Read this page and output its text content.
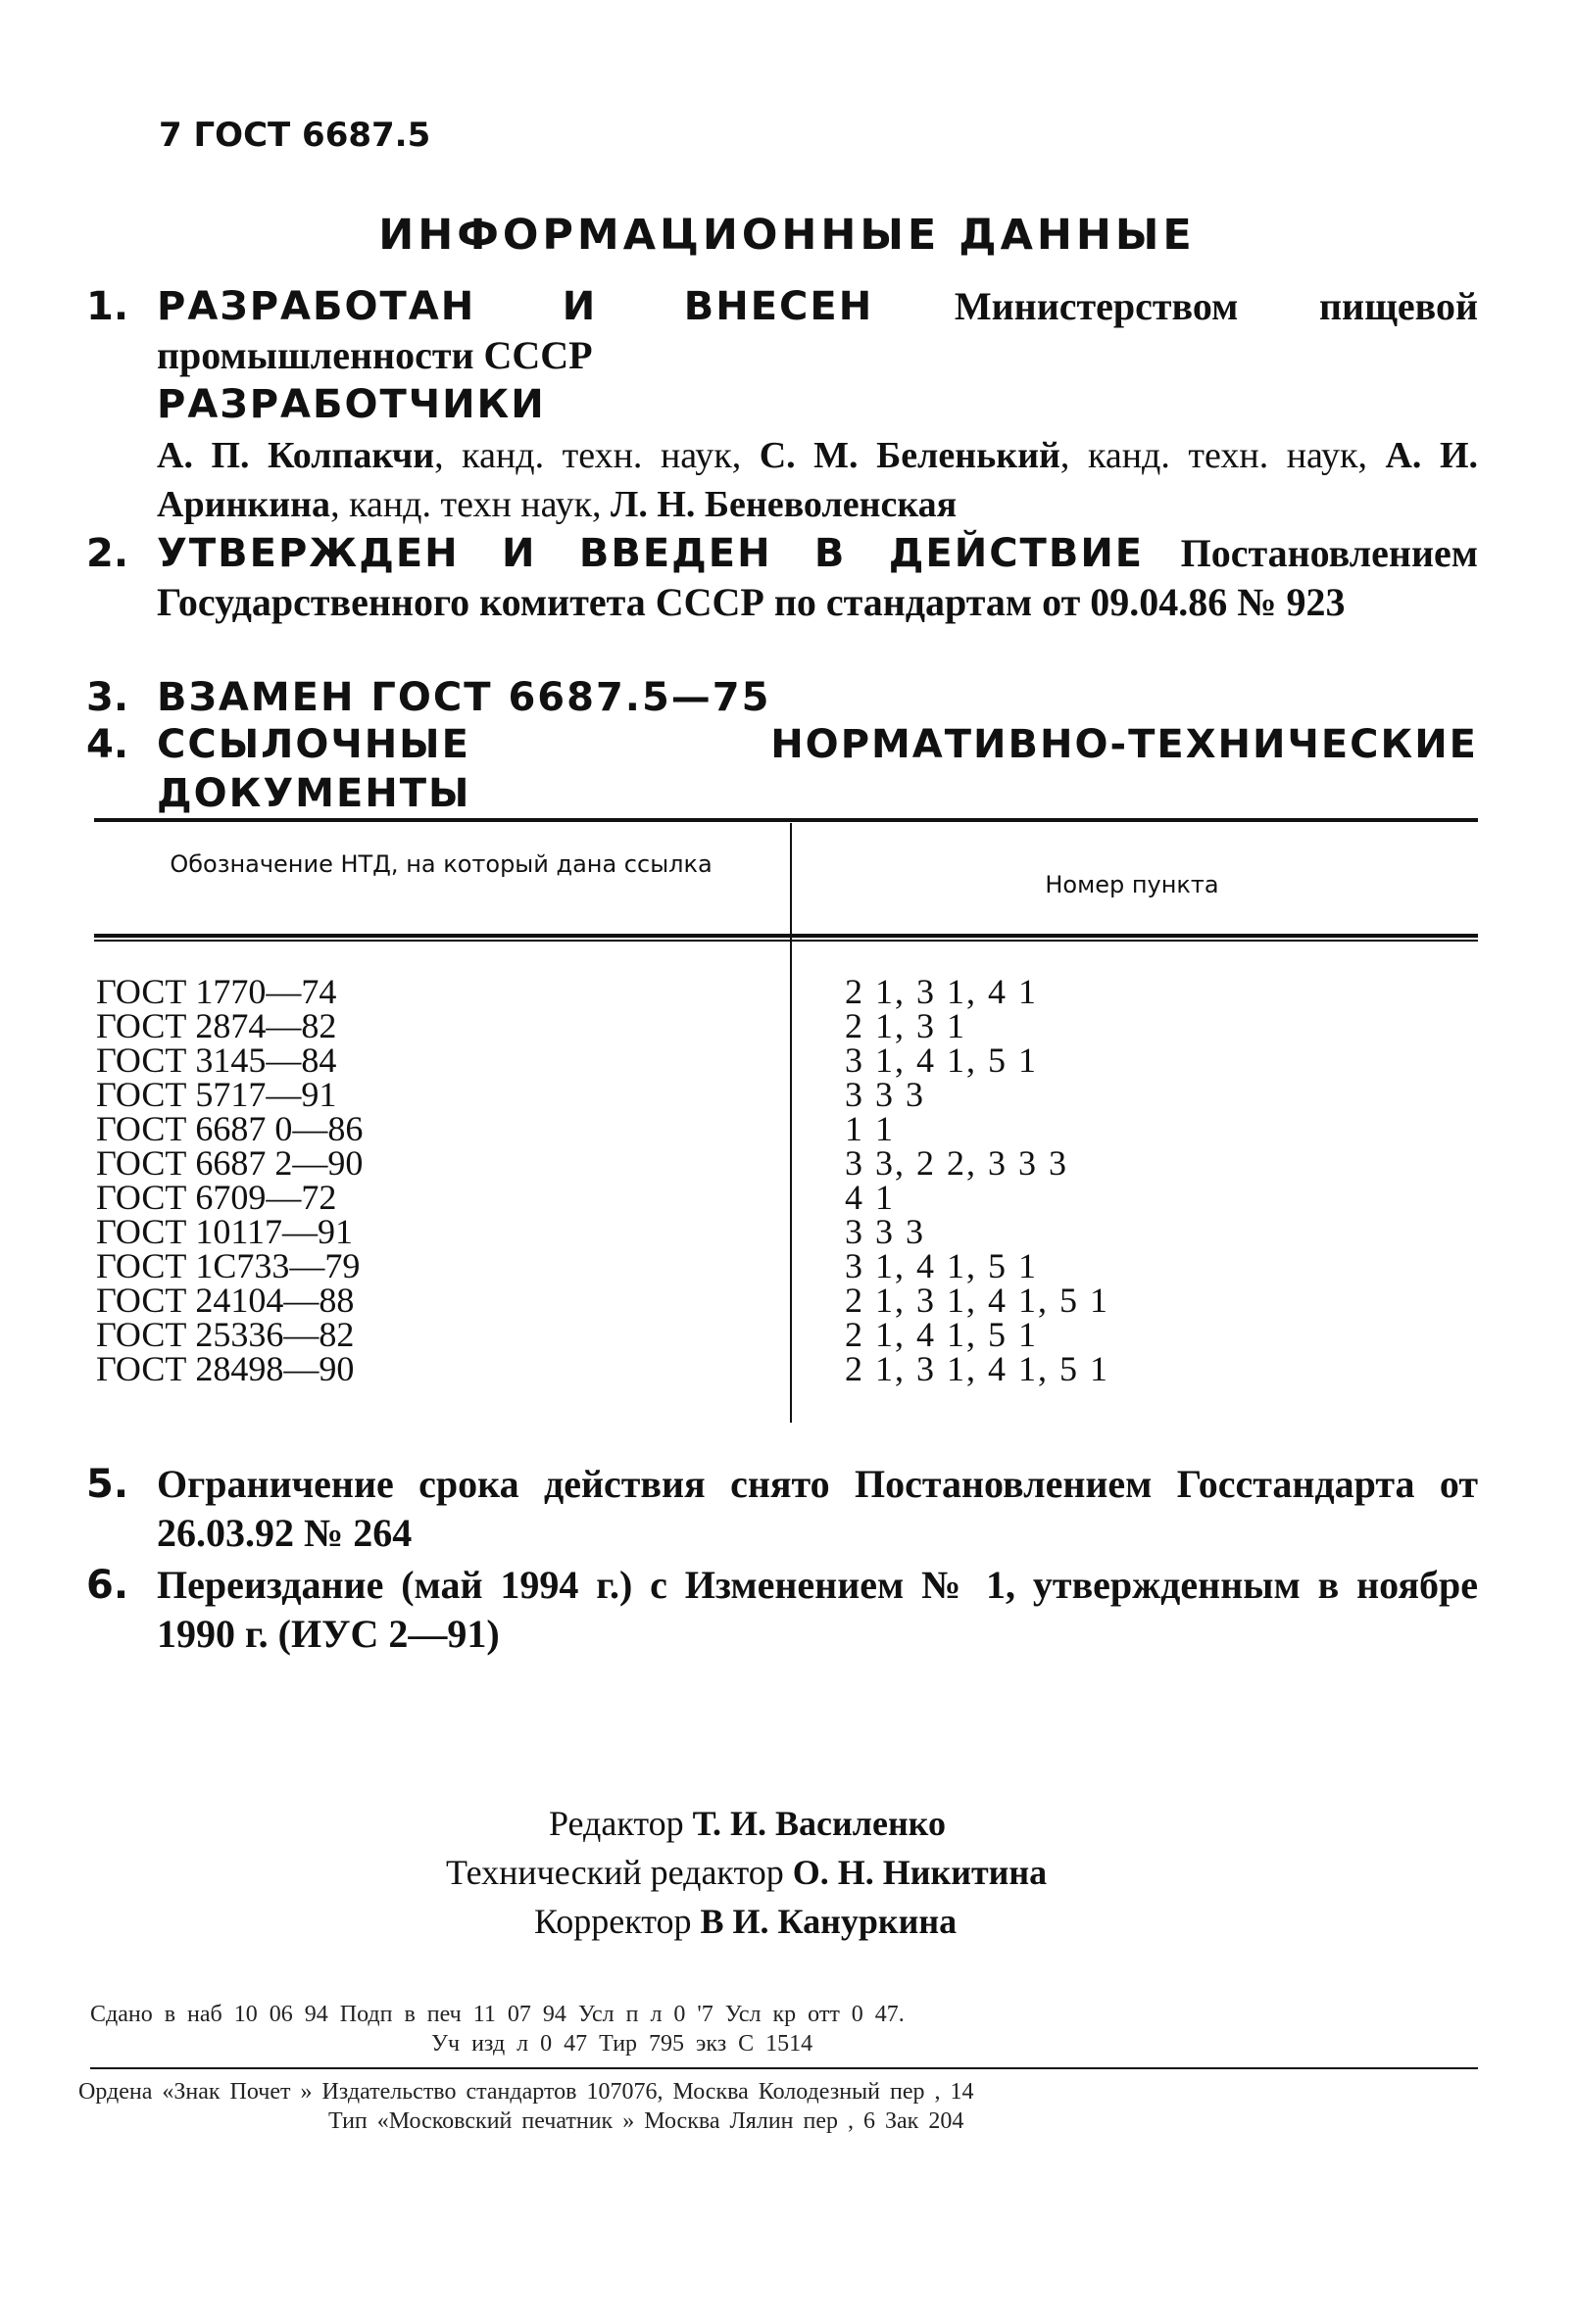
7 ГОСТ 6687.5
ИНФОРМАЦИОННЫЕ ДАННЫЕ
1. РАЗРАБОТАН И ВНЕСЕН Министерством пищевой промышленности СССР
РАЗРАБОТЧИКИ
А. П. Колпакчи, канд. техн. наук, С. М. Беленький, канд. техн. наук, А. И. Аринкина, канд. техн наук, Л. Н. Беневоленская
2. УТВЕРЖДЕН И ВВЕДЕН В ДЕЙСТВИЕ Постановлением Государственного комитета СССР по стандартам от 09.04.86 № 923
3. ВЗАМЕН ГОСТ 6687.5—75
4. ССЫЛОЧНЫЕ НОРМАТИВНО-ТЕХНИЧЕСКИЕ ДОКУМЕНТЫ
Обозначение НТД, на который дана ссылка
Номер пункта
ГОСТ 1770—74
ГОСТ 2874—82
ГОСТ 3145—84
ГОСТ 5717—91
ГОСТ 6687 0—86
ГОСТ 6687 2—90
ГОСТ 6709—72
ГОСТ 10117—91
ГОСТ 1С733—79
ГОСТ 24104—88
ГОСТ 25336—82
ГОСТ 28498—90
2 1, 3 1, 4 1
2 1, 3 1
3 1, 4 1, 5 1
3 3 3
1 1
3 3, 2 2, 3 3 3
4 1
3 3 3
3 1, 4 1, 5 1
2 1, 3 1, 4 1, 5 1
2 1, 4 1, 5 1
2 1, 3 1, 4 1, 5 1
5. Ограничение срока действия снято Постановлением Госстандарта от 26.03.92 № 264
6. Переиздание (май 1994 г.) с Изменением № 1, утвержденным в ноябре 1990 г. (ИУС 2—91)
Редактор Т. И. Василенко
Технический редактор О. Н. Никитина
Корректор В И. Кануркина
Сдано в наб 10 06 94 Подп в печ 11 07 94 Усл п л 0 '7 Усл кр отт 0 47.
Уч изд л 0 47 Тир 795 экз С 1514
Ордена «Знак Почет » Издательство стандартов 107076, Москва Колодезный пер , 14
Тип «Московский печатник » Москва Лялин пер , 6 Зак 204
